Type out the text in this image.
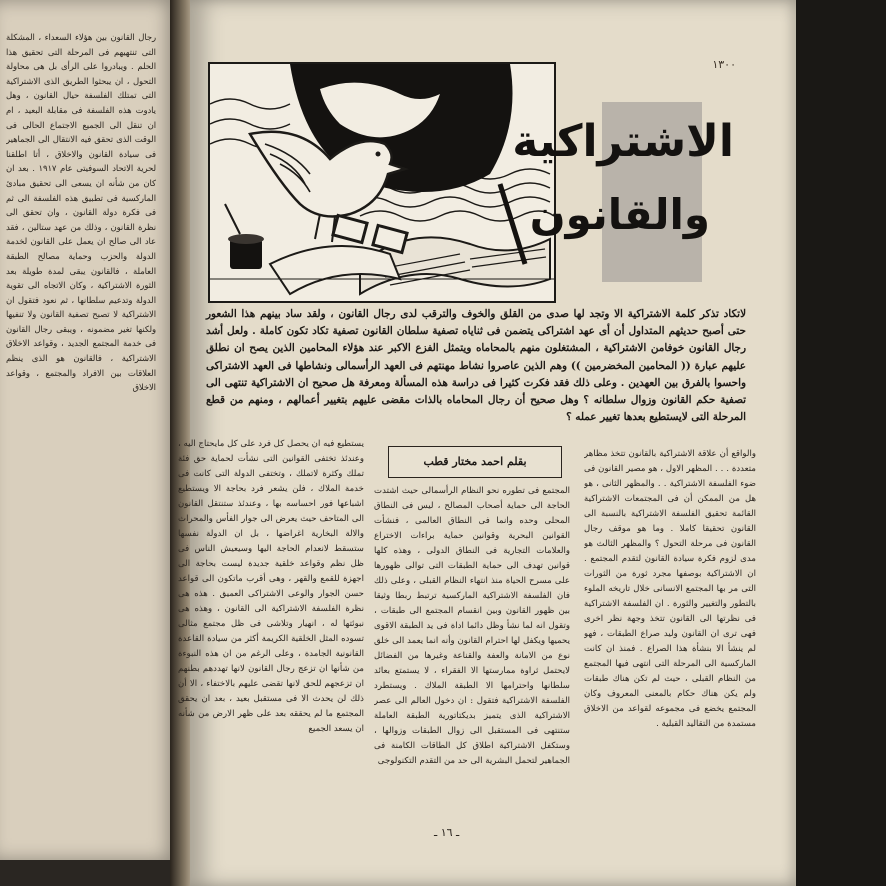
رجال القانون بين هؤلاء السعداء ، المشكلة التى تنتهيهم فى المرحلة التى تحقيق هذا الحلم . ويبادروا على الرأى بل هى محاولة التحول ، ان يبحثوا الطريق الذى الاشتراكية التى تمتلك الفلسفة حيال القانون ، وهل يادوت هذه الفلسفة فى مقابلة البعيد ، ام ان تنقل الى الجميع الاجتماع الحالى فى الوقت الذى تحقق فيه الانتقال الى الجماهير فى سيادة القانون والاخلاق ، أتا اطلقنا لحرية الاتحاد السوفيتى عام ١٩١٧ . بعد ان كان من شأنه ان يسعى الى تحقيق مبادئ الماركسية فى تطبيق هذه الفلسفة الى ثم فى فكرة دولة القانون ، وان تحقق الى نظرة القانون ، وذلك من عهد ستالين ، فقد عاد الى صالح ان يعمل على القانون لخدمة الدولة والحزب وحماية مصالح الطبقة العاملة ، فالقانون يبقى لمدة طويلة بعد الثورة الاشتراكية ، وكان الاتجاه الى تقوية الدولة وتدعيم سلطانها ، ثم نعود فتقول ان الاشتراكية لا تصبح تصفية القانون ولا تنفيها ولكنها تغير مضمونه ، ويبقى رجال القانون فى خدمة المجتمع الجديد ، وقواعد الاخلاق الاشتراكية ، فالقانون هو الذى ينظم العلاقات بين الافراد والمجتمع ، وقواعد الاخلاق
١٣٠٠
الاشتراكية
والقانون
لاتكاد تذكر كلمة الاشتراكية الا وتجد لها صدى من القلق والخوف والترقب لدى رجال القانون ، ولقد ساد بينهم هذا الشعور حتى أصبح حديثهم المتداول أن أى عهد اشتراكى يتضمن فى ثناياه تصفية سلطان القانون تصفية تكاد تكون كاملة . ولعل أشد رجال القانون خوفامن الاشتراكية ، المشتغلون منهم بالمحاماه ويتمثل الفزع الاكبر عند هؤلاء المحامين الذين يصح ان نطلق عليهم عبارة (( المحامين المخضرمين )) وهم الذين عاصروا نشاط مهنتهم فى العهد الرأسمالى ونشاطها فى العهد الاشتراكى واحسوا بالفرق بين العهدين . وعلى ذلك فقد فكرت كثيرا فى دراسة هذه المسألة ومعرفة هل صحيح ان الاشتراكية تنتهى الى تصفية حكم القانون وزوال سلطانه ؟ وهل صحيح أن رجال المحاماه بالذات مقضى عليهم بتغيير أعمالهم ، ومنهم من قطع المرحلة التى لايستطيع بعدها تغيير عمله ؟
والواقع أن علاقة الاشتراكية بالقانون تتخذ مظاهر متعددة . . . المظهر الاول ، هو مصير القانون فى ضوء الفلسفة الاشتراكية . . والمظهر الثانى ، هو هل من الممكن أن فى المجتمعات الاشتراكية القائمة تحقيق الفلسفة الاشتراكية بالنسبة الى القانون تحقيقا كاملا . وما هو موقف رجال القانون فى مرحلة التحول ؟ والمظهر الثالث هو مدى لزوم فكرة سيادة القانون لتقدم المجتمع . ان الاشتراكية بوصفها مجرد ثورة من الثورات التى مر بها المجتمع الانسانى خلال تاريخه الملوء بالتطور والتغيير والثورة . ان الفلسفة الاشتراكية فى نظرتها الى القانون تتخذ وجهة نظر اخرى فهى ترى ان القانون وليد صراع الطبقات ، فهو لم ينشأ الا بنشأة هذا الصراع . فمنذ ان كانت الماركسية الى المرحلة التى انتهى فيها المجتمع من النظام القبلى ، حيث لم تكن هناك طبقات ولم يكن هناك حكام بالمعنى المعروف وكان المجتمع يخضع فى مجموعه لقواعد من الاخلاق مستمدة من التقاليد القبلية .
بقلم احمد مختار قطب
المجتمع فى تطوره نحو النظام الرأسمالى حيث اشتدت الحاجة الى حماية أصحاب المصالح ، ليس فى النطاق المحلى وحده وانما فى النطاق العالمى ، فنشأت القوانين البحرية وقوانين حماية براءات الاختراع والعلامات التجارية فى النطاق الدولى ، وهذه كلها قوانين تهدف الى حماية الطبقات التى توالى ظهورها على مسرح الحياة منذ انتهاء النظام القبلى ، وعلى ذلك فان الفلسفة الاشتراكية الماركسية ترتبط ربطا وثيقا بين ظهور القانون وبين انقسام المجتمع الى طبقات ، وتقول انه لما نشأ وظل دائما اداة فى يد الطبقة الاقوى يحميها ويكفل لها احترام القانون وأنه انما يعمد الى خلق نوع من الامانة والعفة والقناعة وغيرها من الفضائل لايحتمل ثراوة ممارستها الا الفقراء ، لا يستمتع بعائد سلطانها واحترامها الا الطبقة الملاك . ويستطرد الفلسفة الاشتراكية فتقول : ان دخول العالم الى عصر الاشتراكية الذى يتميز بديكتاتورية الطبقة العاملة ستنتهى فى المستقبل الى زوال الطبقات وزوالها ، وستكفل الاشتراكية اطلاق كل الطاقات الكامنة فى الجماهير لتحمل البشرية الى حد من التقدم التكنولوجى
يستطيع فيه ان يحصل كل فرد على كل مايحتاج اليه ، وعندئذ تختفى القوانين التى نشأت لحماية حق فئة تملك وكثرة لاتملك ، وتختفى الدولة التى كانت فى خدمة الملاك ، فلن يشعر فرد بحاجة الا ويستطيع اشباعها فور احساسه بها ، وعندئذ ستنتقل القانون الى المتاحف حيث يعرض الى جوار الفأس والمحراث والالة البخارية اغراضها ، بل ان الدولة نفسها ستسقط لانعدام الحاجة اليها وسيعيش الناس فى ظل نظم وقواعد خلقية جديدة ليست بحاجة الى اجهزة للقمع والقهر ، وهى أقرب ماتكون الى قواعد حسن الجوار والوعى الاشتراكى العميق . هذه هى نظرة الفلسفة الاشتراكية الى القانون ، وهذه هى نبوئتها له ، انهيار وتلاشى فى ظل مجتمع مثالى تسوده المثل الخلقية الكريمة أكثر من سيادة القاعدة القانونية الجامدة ، وعلى الرغم من ان هذه النبوءة من شأنها ان تزعج رجال القانون لانها تهددهم بطنهم ان تزعجهم للحق لانها تقضى عليهم بالاختفاء ، الا أن ذلك لن يحدث الا فى مستقبل بعيد ، بعد ان يحقق المجتمع ما لم يحققه بعد على ظهر الارض من شأنه ان يسعد الجميع
ـ ١٦ ـ
